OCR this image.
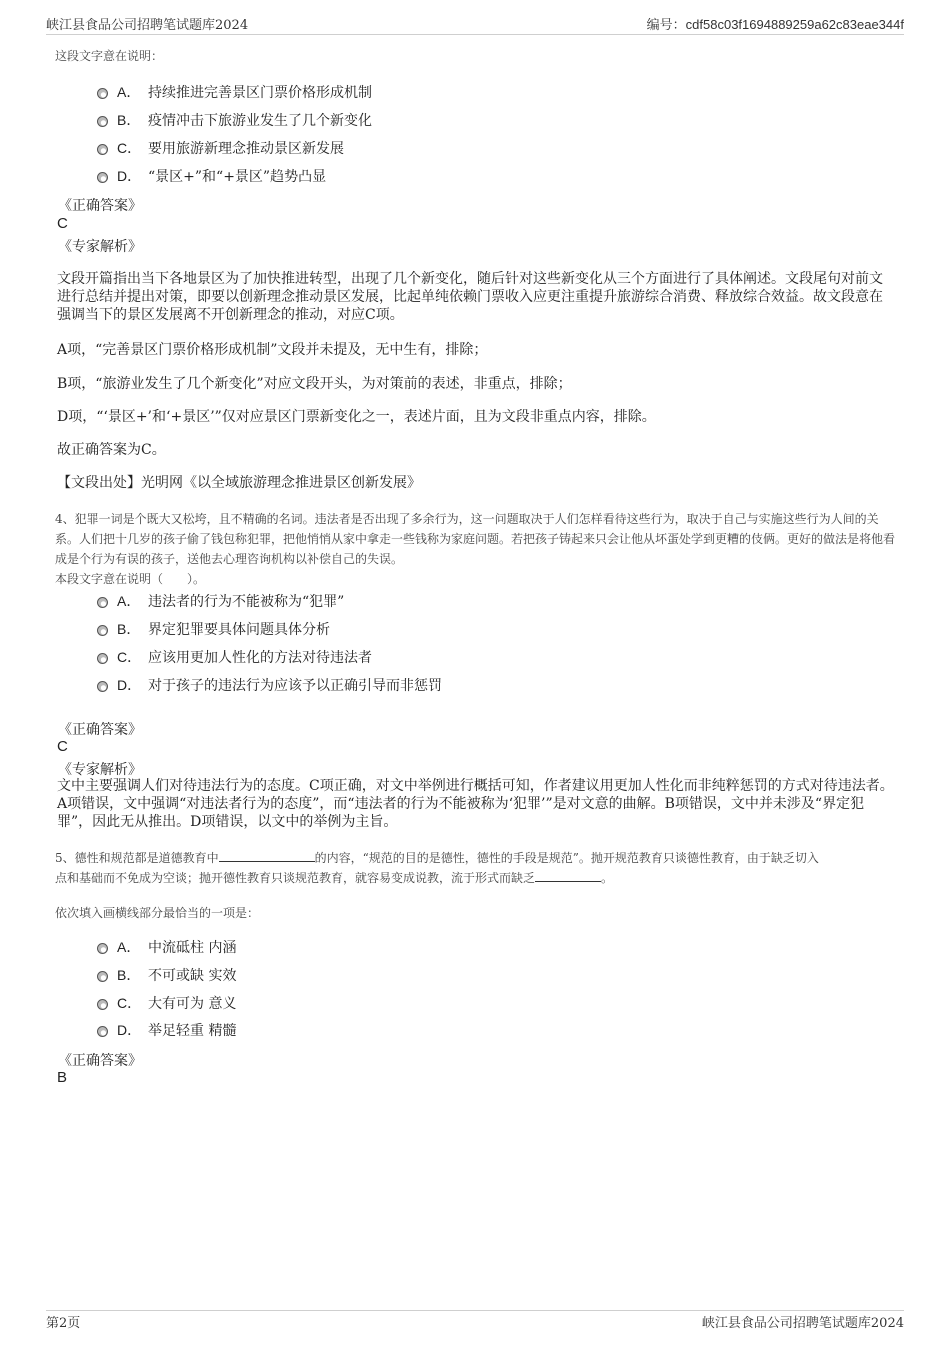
峡江县食品公司招聘笔试题库2024	编号：cdf58c03f1694889259a62c83eae344f
这段文字意在说明：
A． 持续推进完善景区门票价格形成机制
B． 疫情冲击下旅游业发生了几个新变化
C． 要用旅游新理念推动景区新发展
D． “景区+”和“+景区”趋势凸显
《正确答案》
C
《专家解析》
文段开篇指出当下各地景区为了加快推进转型，出现了几个新变化，随后针对这些新变化从三个方面进行了具体阐述。文段尾句对前文进行总结并提出对策，即要以创新理念推动景区发展，比起单纯依赖门票收入应更注重提升旅游综合消费、释放综合效益。故文段意在强调当下的景区发展离不开创新理念的推动，对应C项。
A项，“完善景区门票价格形成机制”文段并未提及，无中生有，排除；
B项，“旅游业发生了几个新变化”对应文段开头，为对策前的表述，非重点，排除；
D项，“‘景区+’和‘+景区’”仅对应景区门票新变化之一，表述片面，且为文段非重点内容，排除。
故正确答案为C。
【文段出处】光明网《以全域旅游理念推进景区创新发展》
4、犯罪一词是个既大又松垮，且不精确的名词。违法者是否出现了多余行为，这一问题取决于人们怎样看待这些行为，取决于自己与实施这些行为人间的关系。人们把十几岁的孩子偷了钱包称犯罪，把他悄悄从家中拿走一些钱称为家庭问题。若把孩子铸起来只会让他从坏蛋处学到更糟的伎俩。更好的做法是将他看成是个行为有误的孩子，送他去心理咨询机构以补偿自己的失误。
本段文字意在说明（　　）。
A． 违法者的行为不能被称为“犯罪”
B． 界定犯罪要具体问题具体分析
C． 应该用更加人性化的方法对待违法者
D． 对于孩子的违法行为应该予以正确引导而非惩罚
《正确答案》
C
《专家解析》
文中主要强调人们对待违法行为的态度。C项正确，对文中举例进行概括可知，作者建议用更加人性化而非纯粹惩罚的方式对待违法者。A项错误，文中强调“对违法者行为的态度”，而“违法者的行为不能被称为‘犯罪’”是对文意的曲解。B项错误，文中并未涉及“界定犯罪”，因此无从推出。D项错误，以文中的举例为主旨。
5、德性和规范都是道德教育中	的内容，“规范的目的是德性，德性的手段是规范”。抛开规范教育只谈德性教育，由于缺乏切入
点和基础而不免成为空谈；抛开德性教育只谈规范教育，就容易变成说教，流于形式而缺乏	。
依次填入画横线部分最恰当的一项是：
A． 中流砥柱 内涵
B． 不可或缺 实效
C． 大有可为 意义
D． 举足轻重 精髓
《正确答案》
B
第2页	峡江县食品公司招聘笔试题库2024
